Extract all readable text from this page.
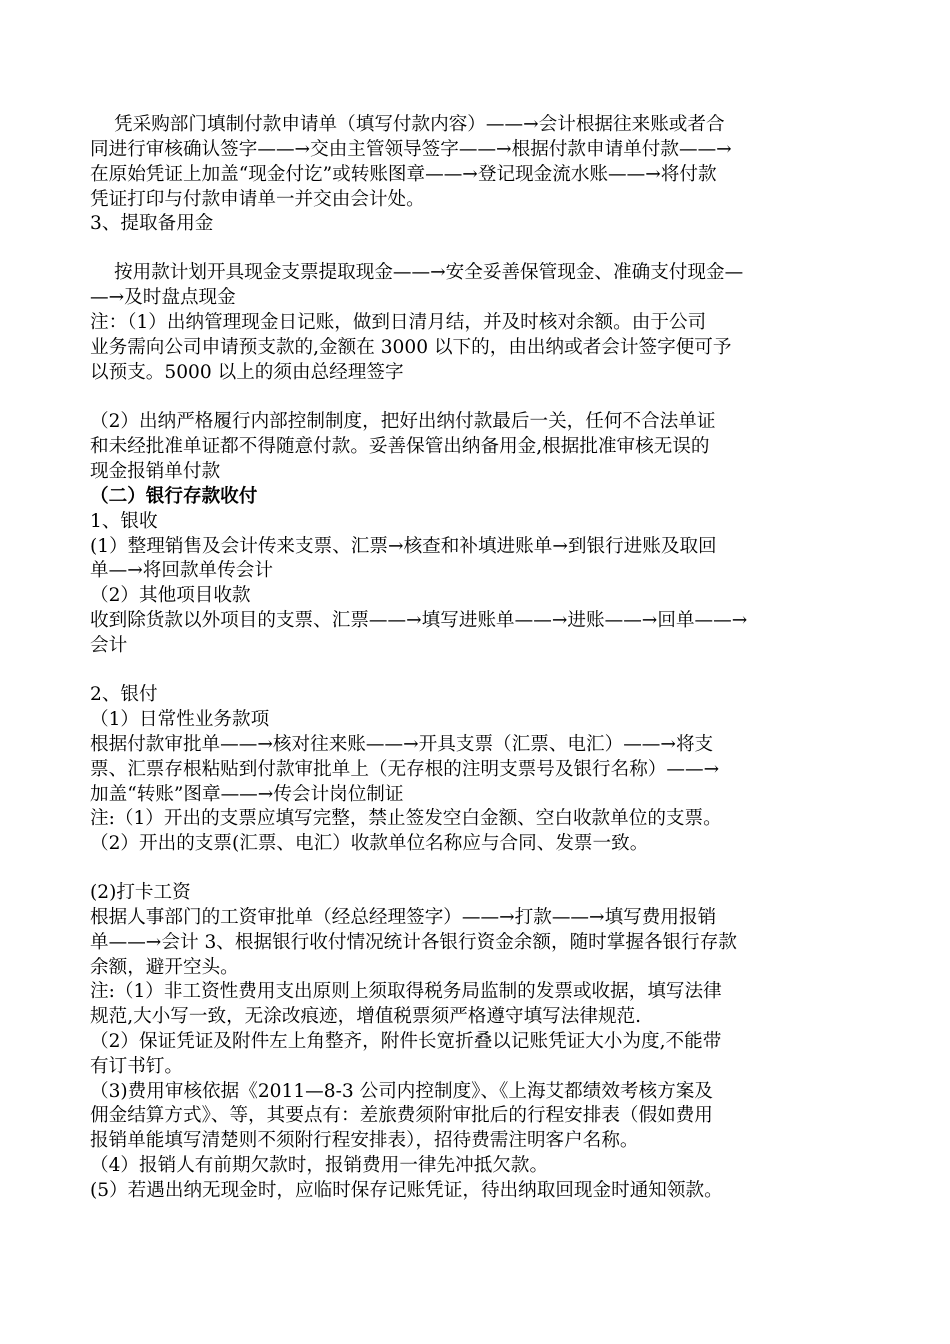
凭采购部门填制付款申请单（填写付款内容）——→会计根据往来账或者合
同进行审核确认签字——→交由主管领导签字——→根据付款申请单付款——→
在原始凭证上加盖“现金付讫”或转账图章——→登记现金流水账——→将付款
凭证打印与付款申请单一并交由会计处。
3、提取备用金
按用款计划开具现金支票提取现金——→安全妥善保管现金、准确支付现金—
—→及时盘点现金
注：（1）出纳管理现金日记账，做到日清月结，并及时核对余额。由于公司
业务需向公司申请预支款的,金额在 3000 以下的，由出纳或者会计签字便可予
以预支。5000 以上的须由总经理签字
（2）出纳严格履行内部控制制度，把好出纳付款最后一关，任何不合法单证
和未经批准单证都不得随意付款。妥善保管出纳备用金,根据批准审核无误的
现金报销单付款
（二）银行存款收付
1、银收
(1）整理销售及会计传来支票、汇票→核查和补填进账单→到银行进账及取回
单—→将回款单传会计
（2）其他项目收款
收到除货款以外项目的支票、汇票——→填写进账单——→进账——→回单——→
会计
2、银付
（1）日常性业务款项
根据付款审批单——→核对往来账——→开具支票（汇票、电汇）——→将支
票、汇票存根粘贴到付款审批单上（无存根的注明支票号及银行名称）——→
加盖“转账”图章——→传会计岗位制证
注:（1）开出的支票应填写完整，禁止签发空白金额、空白收款单位的支票。
（2）开出的支票(汇票、电汇）收款单位名称应与合同、发票一致。
(2)打卡工资
根据人事部门的工资审批单（经总经理签字）——→打款——→填写费用报销
单——→会计 3、根据银行收付情况统计各银行资金余额，随时掌握各银行存款
余额，避开空头。
注:（1）非工资性费用支出原则上须取得税务局监制的发票或收据，填写法律
规范,大小写一致，无涂改痕迹，增值税票须严格遵守填写法律规范.
（2）保证凭证及附件左上角整齐，附件长宽折叠以记账凭证大小为度,不能带
有订书钉。
（3)费用审核依据《2011—8-3 公司内控制度》、《上海艾都绩效考核方案及
佣金结算方式》、等，其要点有：差旅费须附审批后的行程安排表（假如费用
报销单能填写清楚则不须附行程安排表），招待费需注明客户名称。
（4）报销人有前期欠款时，报销费用一律先冲抵欠款。
(5）若遇出纳无现金时，应临时保存记账凭证，待出纳取回现金时通知领款。
